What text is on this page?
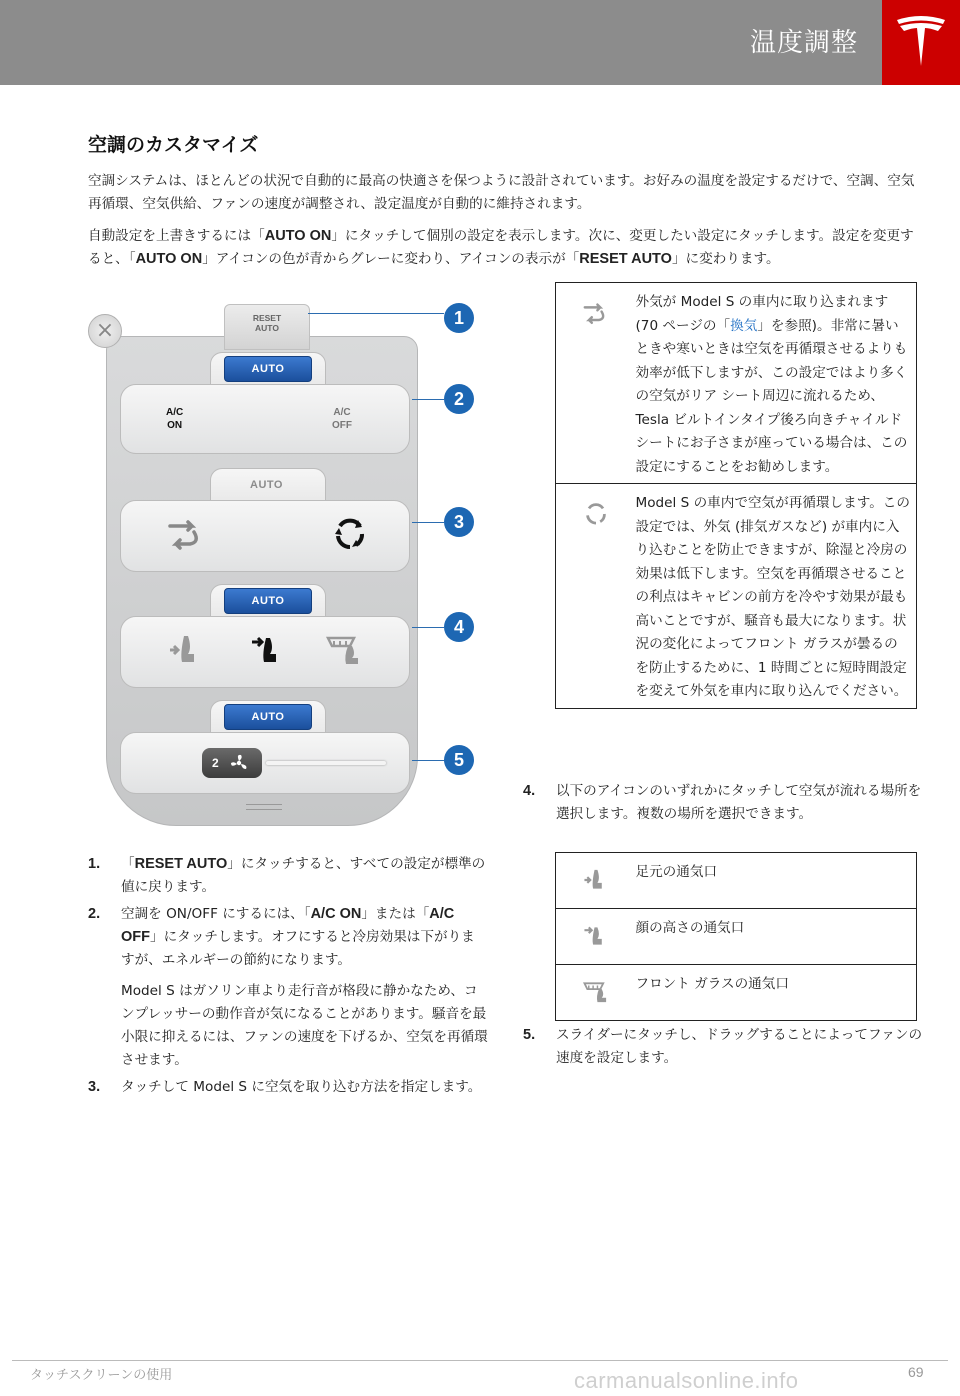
温度調整
空調のカスタマイズ

空調システムは、ほとんどの状況で自動的に最高の快適さを保つように設計されています。お好みの温度を設定するだけで、空調、空気再循環、空気供給、ファンの速度が調整され、設定温度が自動的に維持されます。

自動設定を上書きするには「AUTO ON」にタッチして個別の設定を表示します。次に、変更したい設定にタッチします。設定を変更すると、「AUTO ON」アイコンの色が青からグレーに変わり、アイコンの表示が「RESET AUTO」に変わります。

RESET
AUTO
×
AUTO
A/C
ON
A/C
OFF
AUTO
AUTO
AUTO
2
1
2
3
4
5
1. 「RESET AUTO」にタッチすると、すべての設定が標準の値に戻ります。
2. 空調を ON/OFF にするには、「A/C ON」または「A/C OFF」にタッチします。オフにすると冷房効果は下がりますが、エネルギーの節約になります。
Model S はガソリン車より走行音が格段に静かなため、コンプレッサーの動作音が気になることがあります。騒音を最小限に抑えるには、ファンの速度を下げるか、空気を再循環させます。
3. タッチして Model S に空気を取り込む方法を指定します。
	外気が Model S の車内に取り込まれます (70 ページの「換気」を参照)。非常に暑いときや寒いときは空気を再循環させるよりも効率が低下しますが、この設定ではより多くの空気がリア シート周辺に流れるため、Tesla ビルトインタイプ後ろ向きチャイルド シートにお子さまが座っている場合は、この設定にすることをお勧めします。
	Model S の車内で空気が再循環します。この設定では、外気 (排気ガスなど) が車内に入り込むことを防止できますが、除湿と冷房の効果は低下します。空気を再循環させることの利点はキャビンの前方を冷やす効果が最も高いことですが、騒音も最大になります。状況の変化によってフロント ガラスが曇るのを防止するために、1 時間ごとに短時間設定を変えて外気を車内に取り込んでください。
4. 以下のアイコンのいずれかにタッチして空気が流れる場所を選択します。複数の場所を選択できます。
	足元の通気口
	顔の高さの通気口
	フロント ガラスの通気口
5. スライダーにタッチし、ドラッグすることによってファンの速度を設定します。
タッチスクリーンの使用	carmanualsonline.info	69
